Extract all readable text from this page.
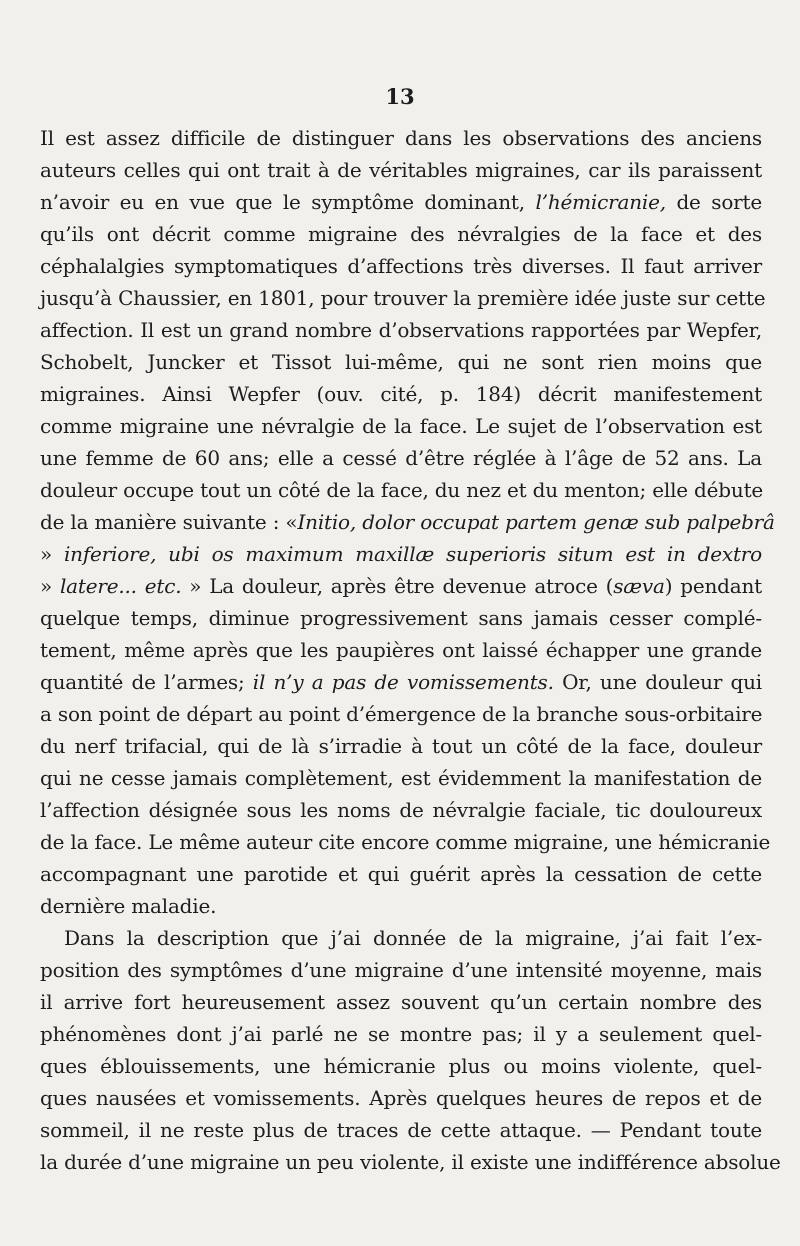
13
Il est assez difficile de distinguer dans les observations des anciens
auteurs celles qui ont trait à de véritables migraines, car ils paraissent
n’avoir eu en vue que le symptôme dominant, l’hémicranie, de sorte
qu’ils ont décrit comme migraine des névralgies de la face et des
céphalalgies symptomatiques d’affections très diverses. Il faut arriver
jusqu’à Chaussier, en 1801, pour trouver la première idée juste sur cette
affection. Il est un grand nombre d’observations rapportées par Wepfer,
Schobelt, Juncker et Tissot lui-même, qui ne sont rien moins que
migraines. Ainsi Wepfer (ouv. cité, p. 184) décrit manifestement
comme migraine une névralgie de la face. Le sujet de l’observation est
une femme de 60 ans; elle a cessé d’être réglée à l’âge de 52 ans. La
douleur occupe tout un côté de la face, du nez et du menton; elle débute
de la manière suivante : «Initio, dolor occupat partem genæ sub palpebrâ
» inferiore, ubi os maximum maxillæ superioris situm est in dextro
» latere... etc. » La douleur, après être devenue atroce (sæva) pendant
quelque temps, diminue progressivement sans jamais cesser complé-
tement, même après que les paupières ont laissé échapper une grande
quantité de l’armes; il n’y a pas de vomissements. Or, une douleur qui
a son point de départ au point d’émergence de la branche sous-orbitaire
du nerf trifacial, qui de là s’irradie à tout un côté de la face, douleur
qui ne cesse jamais complètement, est évidemment la manifestation de
l’affection désignée sous les noms de névralgie faciale, tic douloureux
de la face. Le même auteur cite encore comme migraine, une hémicranie
accompagnant une parotide et qui guérit après la cessation de cette
dernière maladie.
Dans la description que j’ai donnée de la migraine, j’ai fait l’ex-
position des symptômes d’une migraine d’une intensité moyenne, mais
il arrive fort heureusement assez souvent qu’un certain nombre des
phénomènes dont j’ai parlé ne se montre pas; il y a seulement quel-
ques éblouissements, une hémicranie plus ou moins violente, quel-
ques nausées et vomissements. Après quelques heures de repos et de
sommeil, il ne reste plus de traces de cette attaque. — Pendant toute
la durée d’une migraine un peu violente, il existe une indifférence absolue
